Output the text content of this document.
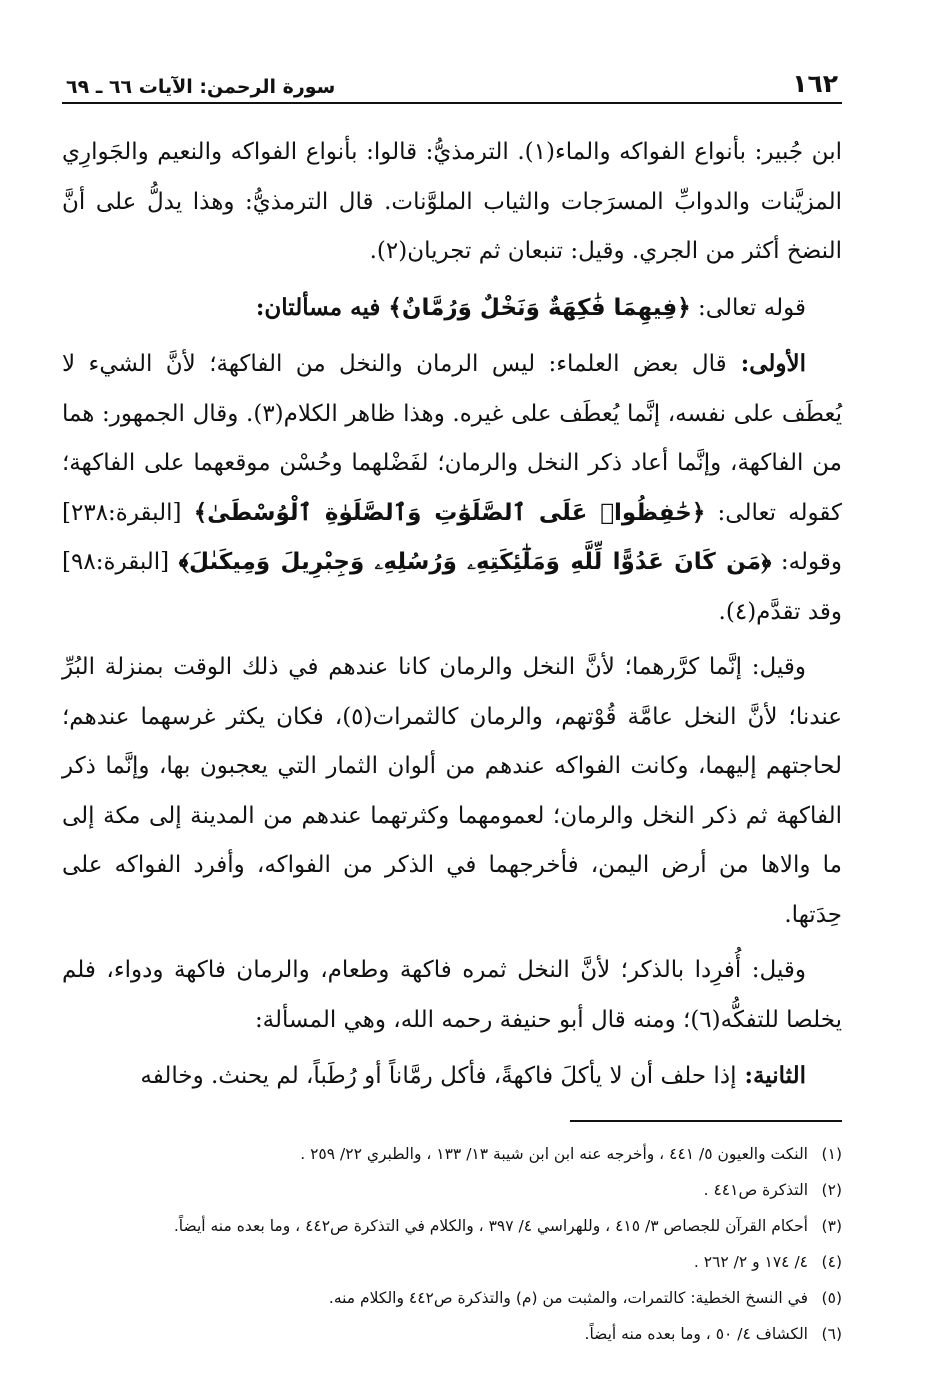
١٦٢
سورة الرحمن: الآيات ٦٦ ـ ٦٩

ابن جُبير: بأنواع الفواكه والماء(١). الترمذيُّ: قالوا: بأنواع الفواكه والنعيم والجَوارِي المزيَّنات والدوابِّ المسرَجات والثياب الملوَّنات. قال الترمذيُّ: وهذا يدلُّ على أنَّ النضخ أكثر من الجري. وقيل: تنبعان ثم تجريان(٢).

قوله تعالى: ﴿فِيهِمَا فَٰكِهَةٌ وَنَخْلٌ وَرُمَّانٌ﴾ فيه مسألتان:

الأولى: قال بعض العلماء: ليس الرمان والنخل من الفاكهة؛ لأنَّ الشيء لا يُعطَف على نفسه، إنَّما يُعطَف على غيره. وهذا ظاهر الكلام(٣). وقال الجمهور: هما من الفاكهة، وإنَّما أعاد ذكر النخل والرمان؛ لفَضْلهما وحُسْن موقعهما على الفاكهة؛ كقوله تعالى: ﴿حَٰفِظُوا۟ عَلَى ٱلصَّلَوَٰتِ وَٱلصَّلَوٰةِ ٱلْوُسْطَىٰ﴾ [البقرة:٢٣٨] وقوله: ﴿مَن كَانَ عَدُوًّا لِّلَّهِ وَمَلَٰٓئِكَتِهِۦ وَرُسُلِهِۦ وَجِبْرِيلَ وَمِيكَىٰلَ﴾ [البقرة:٩٨] وقد تقدَّم(٤).

وقيل: إنَّما كرَّرهما؛ لأنَّ النخل والرمان كانا عندهم في ذلك الوقت بمنزلة البُرِّ عندنا؛ لأنَّ النخل عامَّة قُوْتهم، والرمان كالثمرات(٥)، فكان يكثر غرسهما عندهم؛ لحاجتهم إليهما، وكانت الفواكه عندهم من ألوان الثمار التي يعجبون بها، وإنَّما ذكر الفاكهة ثم ذكر النخل والرمان؛ لعمومهما وكثرتهما عندهم من المدينة إلى مكة إلى ما والاها من أرض اليمن، فأخرجهما في الذكر من الفواكه، وأفرد الفواكه على حِدَتها.

وقيل: أُفرِدا بالذكر؛ لأنَّ النخل ثمره فاكهة وطعام، والرمان فاكهة ودواء، فلم يخلصا للتفكُّه(٦)؛ ومنه قال أبو حنيفة رحمه الله، وهي المسألة:

الثانية: إذا حلف أن لا يأكلَ فاكهةً، فأكل رمَّاناً أو رُطَباً، لم يحنث. وخالفه

(١)
النكت والعيون ٥/ ٤٤١ ، وأخرجه عنه ابن ابن شيبة ١٣/ ١٣٣ ، والطبري ٢٢/ ٢٥٩ .
(٢)
التذكرة ص٤٤١ .
(٣)
أحكام القرآن للجصاص ٣/ ٤١٥ ، وللهراسي ٤/ ٣٩٧ ، والكلام في التذكرة ص٤٤٢ ، وما بعده منه أيضاً.
(٤)
٤/ ١٧٤ و ٢/ ٢٦٢ .
(٥)
في النسخ الخطية: كالتمرات، والمثبت من (م) والتذكرة ص٤٤٢ والكلام منه.
(٦)
الكشاف ٤/ ٥٠ ، وما بعده منه أيضاً.
